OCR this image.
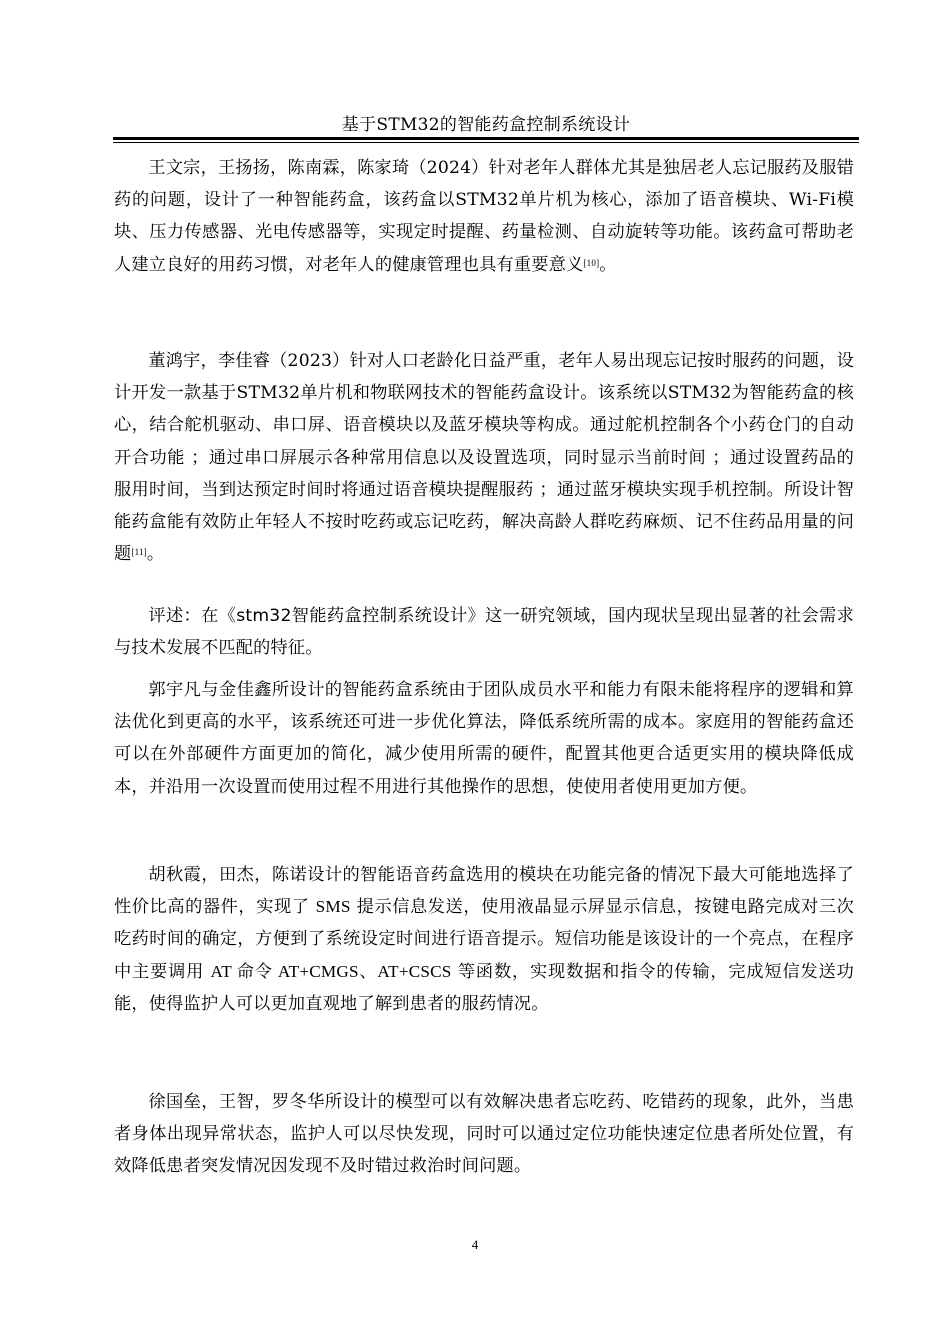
基于STM32的智能药盒控制系统设计

王文宗，王扬扬，陈南霖，陈家琦（2024）针对老年人群体尤其是独居老人忘记服药及服错药的问题，设计了一种智能药盒，该药盒以STM32单片机为核心，添加了语音模块、Wi-Fi模块、压力传感器、光电传感器等，实现定时提醒、药量检测、自动旋转等功能。该药盒可帮助老人建立良好的用药习惯，对老年人的健康管理也具有重要意义[10]。

董鸿宇，李佳睿（2023）针对人口老龄化日益严重，老年人易出现忘记按时服药的问题，设计开发一款基于STM32单片机和物联网技术的智能药盒设计。该系统以STM32为智能药盒的核心，结合舵机驱动、串口屏、语音模块以及蓝牙模块等构成。通过舵机控制各个小药仓门的自动开合功能 ；通过串口屏展示各种常用信息以及设置选项，同时显示当前时间 ；通过设置药品的服用时间，当到达预定时间时将通过语音模块提醒服药 ；通过蓝牙模块实现手机控制。所设计智能药盒能有效防止年轻人不按时吃药或忘记吃药，解决高龄人群吃药麻烦、记不住药品用量的问题[11]。

评述：在《stm32智能药盒控制系统设计》这一研究领域，国内现状呈现出显著的社会需求与技术发展不匹配的特征。

郭宇凡与金佳鑫所设计的智能药盒系统由于团队成员水平和能力有限未能将程序的逻辑和算法优化到更高的水平，该系统还可进一步优化算法，降低系统所需的成本。家庭用的智能药盒还可以在外部硬件方面更加的简化，减少使用所需的硬件，配置其他更合适更实用的模块降低成本，并沿用一次设置而使用过程不用进行其他操作的思想，使使用者使用更加方便。

胡秋霞，田杰，陈诺设计的智能语音药盒选用的模块在功能完备的情况下最大可能地选择了性价比高的器件，实现了 SMS 提示信息发送，使用液晶显示屏显示信息，按键电路完成对三次吃药时间的确定，方便到了系统设定时间进行语音提示。短信功能是该设计的一个亮点，在程序中主要调用 AT 命令 AT+CMGS、AT+CSCS 等函数，实现数据和指令的传输，完成短信发送功能，使得监护人可以更加直观地了解到患者的服药情况。

徐国垒，王智，罗冬华所设计的模型可以有效解决患者忘吃药、吃错药的现象，此外，当患者身体出现异常状态，监护人可以尽快发现，同时可以通过定位功能快速定位患者所处位置，有效降低患者突发情况因发现不及时错过救治时间问题。

4
